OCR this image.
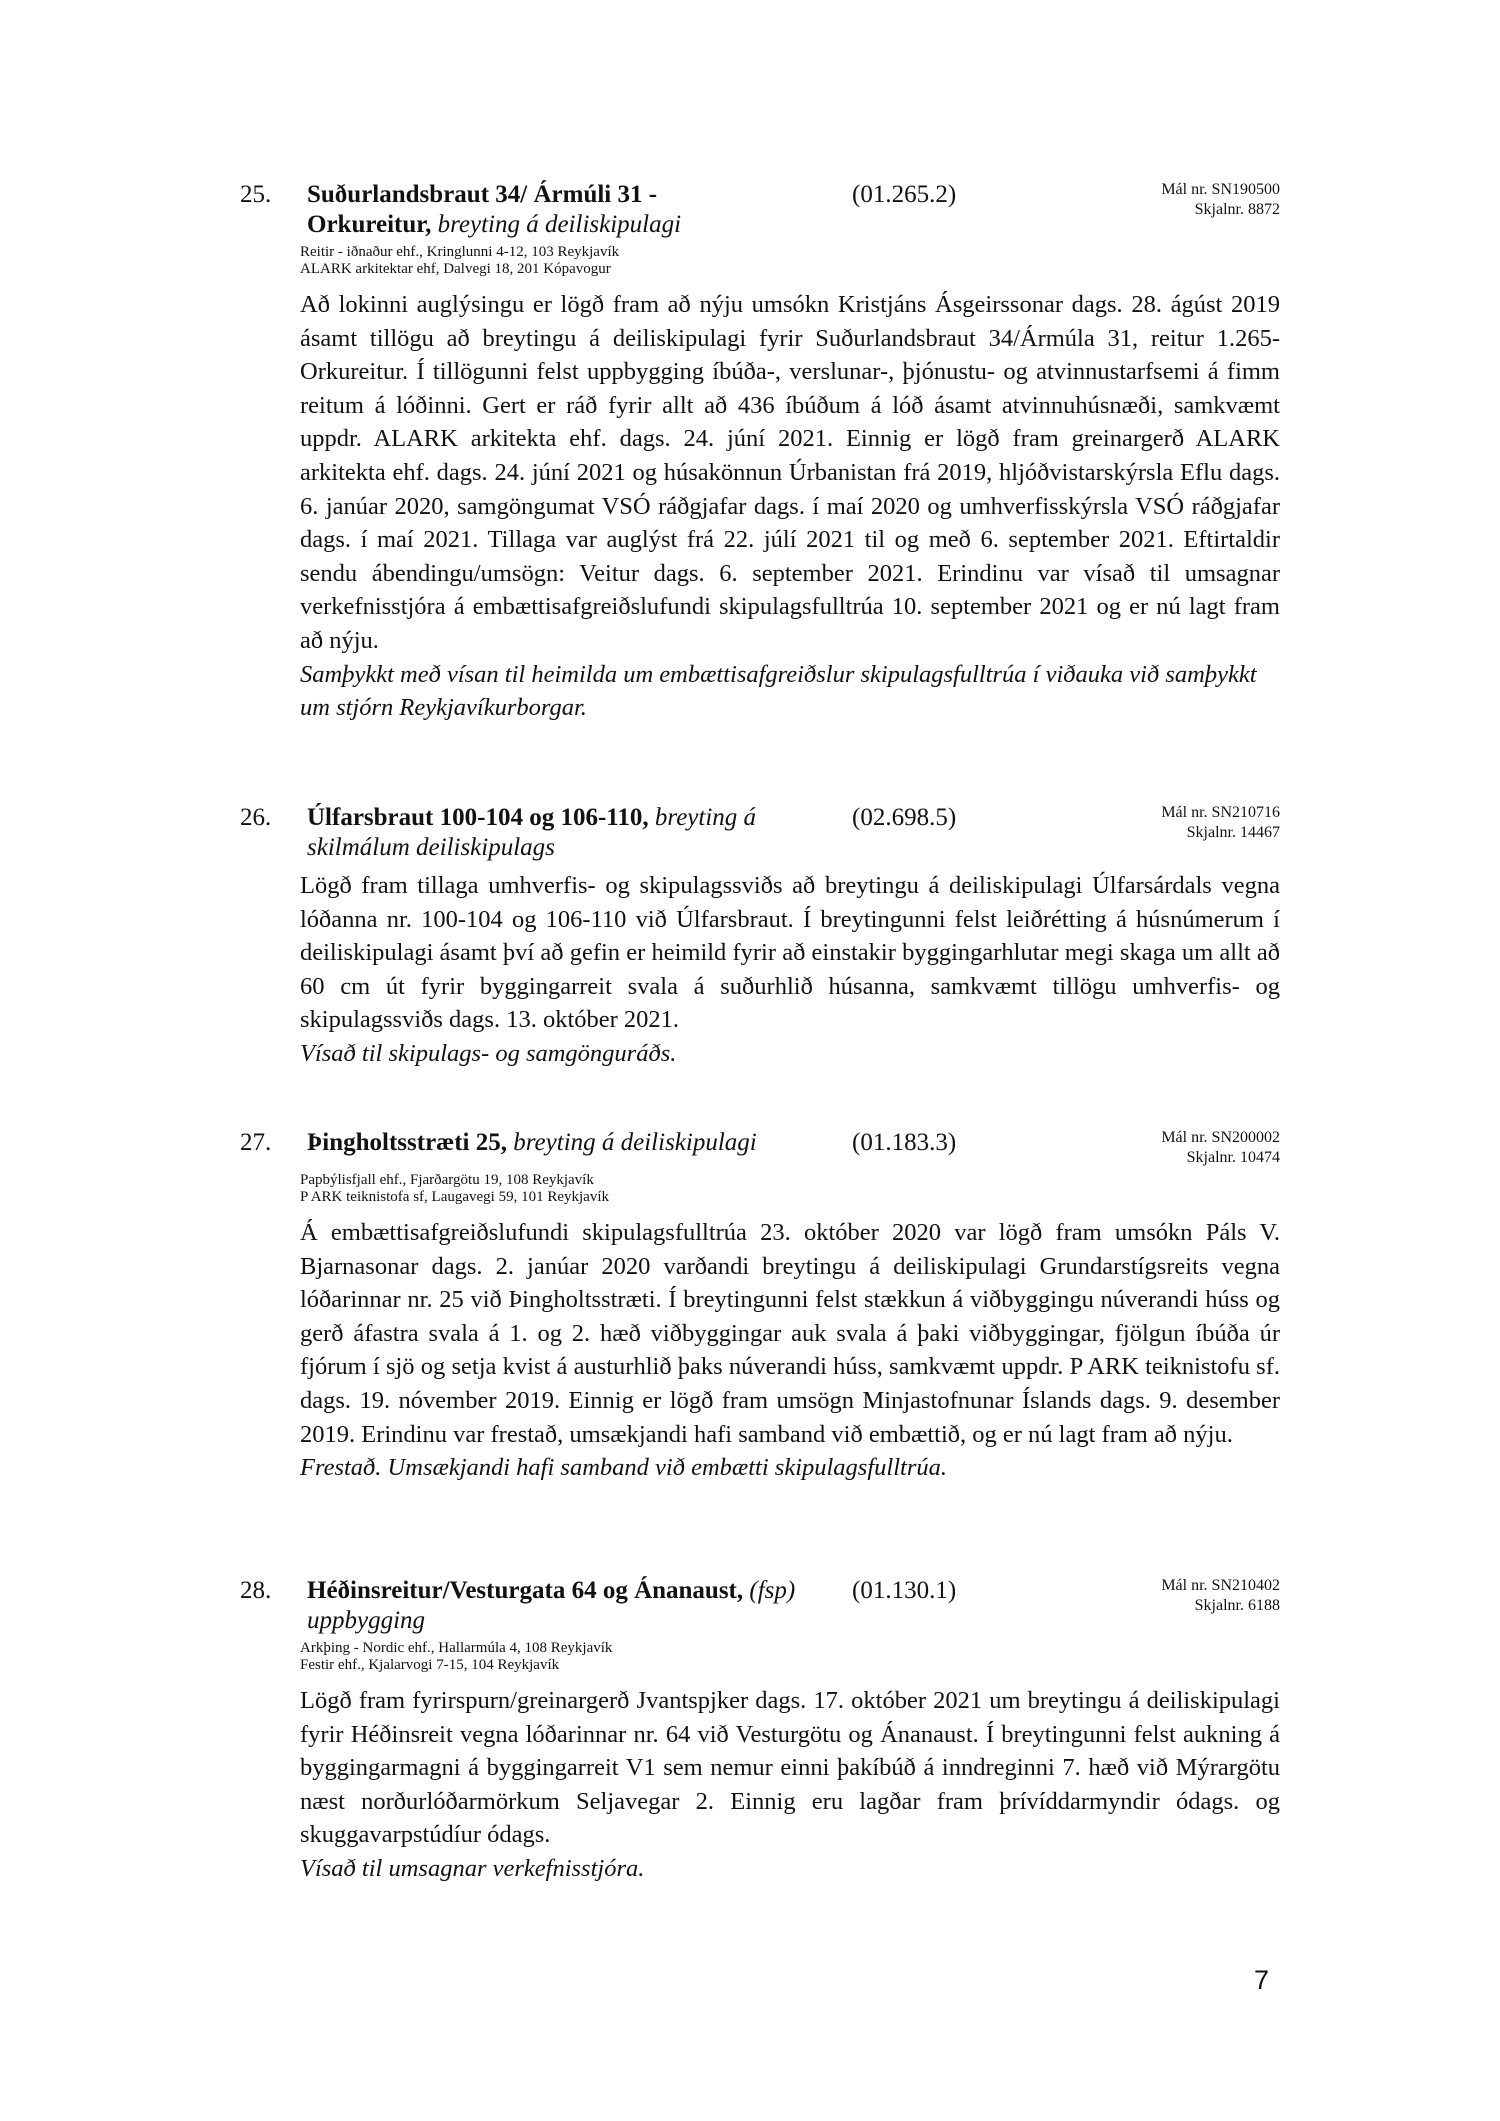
25. Suðurlandsbraut 34/ Ármúli 31 - Orkureitur, breyting á deiliskipulagi
(01.265.2)	Mál nr. SN190500
Skjalnr. 8872
Reitir - iðnaður ehf., Kringlunni 4-12, 103 Reykjavík
ALARK arkitektar ehf, Dalvegi 18, 201 Kópavogur

Að lokinni auglýsingu er lögð fram að nýju umsókn Kristjáns Ásgeirssonar dags. 28. ágúst 2019 ásamt tillögu að breytingu á deiliskipulagi fyrir Suðurlandsbraut 34/Ármúla 31, reitur 1.265- Orkureitur. Í tillögunni felst uppbygging íbúða-, verslunar-, þjónustu- og atvinnustarfsemi á fimm reitum á lóðinni. Gert er ráð fyrir allt að 436 íbúðum á lóð ásamt atvinnuhúsnæði, samkvæmt uppdr. ALARK arkitekta ehf. dags. 24. júní 2021. Einnig er lögð fram greinargerð ALARK arkitekta ehf. dags. 24. júní 2021 og húsakönnun Úrbanistan frá 2019, hljóðvistarskýrsla Eflu dags. 6. janúar 2020, samgöngumat VSÓ ráðgjafar dags. í maí 2020 og umhverfisskýrsla VSÓ ráðgjafar dags. í maí 2021. Tillaga var auglýst frá 22. júlí 2021 til og með 6. september 2021. Eftirtaldir sendu ábendingu/umsögn: Veitur dags. 6. september 2021. Erindinu var vísað til umsagnar verkefnisstjóra á embættisafgreiðslufundi skipulagsfulltrúa 10. september 2021 og er nú lagt fram að nýju.

Samþykkt með vísan til heimilda um embættisafgreiðslur skipulagsfulltrúa í viðauka við samþykkt um stjórn Reykjavíkurborgar.

26. Úlfarsbraut 100-104 og 106-110, breyting á skilmálum deiliskipulags
(02.698.5)	Mál nr. SN210716
Skjalnr. 14467

Lögð fram tillaga umhverfis- og skipulagssviðs að breytingu á deiliskipulagi Úlfarsárdals vegna lóðanna nr. 100-104 og 106-110 við Úlfarsbraut. Í breytingunni felst leiðrétting á húsnúmerum í deiliskipulagi ásamt því að gefin er heimild fyrir að einstakir byggingarhlutar megi skaga um allt að 60 cm út fyrir byggingarreit svala á suðurhlið húsanna, samkvæmt tillögu umhverfis- og skipulagssviðs dags. 13. október 2021.

Vísað til skipulags- og samgönguráðs.

27. Þingholtsstræti 25, breyting á deiliskipulagi	(01.183.3)	Mál nr. SN200002
Skjalnr. 10474
Papbýlisfjall ehf., Fjarðargötu 19, 108 Reykjavík
P ARK teiknistofa sf, Laugavegi 59, 101 Reykjavík

Á embættisafgreiðslufundi skipulagsfulltrúa 23. október 2020 var lögð fram umsókn Páls V. Bjarnasonar dags. 2. janúar 2020 varðandi breytingu á deiliskipulagi Grundarstígsreits vegna lóðarinnar nr. 25 við Þingholtsstræti. Í breytingunni felst stækkun á viðbyggingu núverandi húss og gerð áfastra svala á 1. og 2. hæð viðbyggingar auk svala á þaki viðbyggingar, fjölgun íbúða úr fjórum í sjö og setja kvist á austurhlið þaks núverandi húss, samkvæmt uppdr. P ARK teiknistofu sf. dags. 19. nóvember 2019. Einnig er lögð fram umsögn Minjastofnunar Íslands dags. 9. desember 2019. Erindinu var frestað, umsækjandi hafi samband við embættið, og er nú lagt fram að nýju.

Frestað. Umsækjandi hafi samband við embætti skipulagsfulltrúa.

28. Héðinsreitur/Vesturgata 64 og Ánanaust, (fsp) uppbygging
(01.130.1)	Mál nr. SN210402
Skjalnr. 6188
Arkþing - Nordic ehf., Hallarmúla 4, 108 Reykjavík
Festir ehf., Kjalarvogi 7-15, 104 Reykjavík

Lögð fram fyrirspurn/greinargerð Jvantspjker dags. 17. október 2021 um breytingu á deiliskipulagi fyrir Héðinsreit vegna lóðarinnar nr. 64 við Vesturgötu og Ánanaust. Í breytingunni felst aukning á byggingarmagni á byggingarreit V1 sem nemur einni þakíbúð á inndreginni 7. hæð við Mýrargötu næst norðurlóðarmörkum Seljavegar 2. Einnig eru lagðar fram þrívíddarmyndir ódags. og skuggavarpstúdíur ódags.

Vísað til umsagnar verkefnisstjóra.

7
